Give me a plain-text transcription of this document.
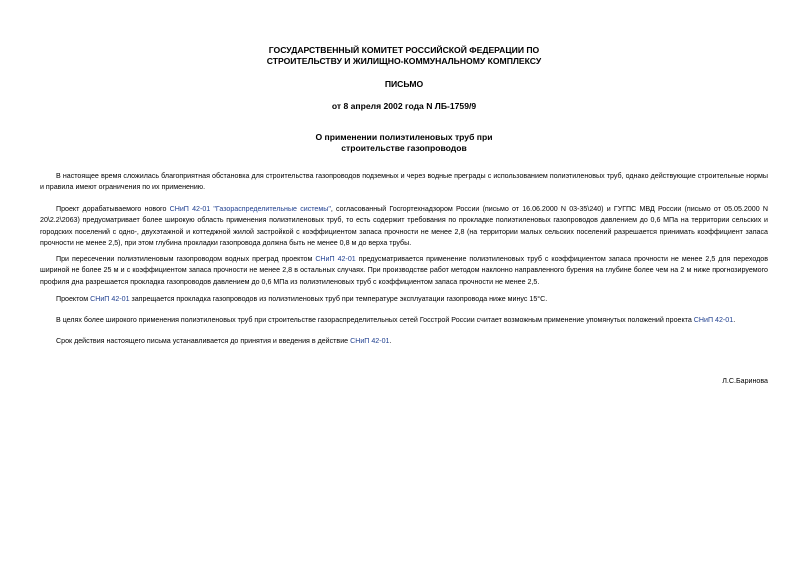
ГОСУДАРСТВЕННЫЙ КОМИТЕТ РОССИЙСКОЙ ФЕДЕРАЦИИ ПО
СТРОИТЕЛЬСТВУ И ЖИЛИЩНО-КОММУНАЛЬНОМУ КОМПЛЕКСУ
ПИСЬМО
от 8 апреля 2002 года N ЛБ-1759/9
О применении полиэтиленовых труб при
строительстве газопроводов
В настоящее время сложилась благоприятная обстановка для строительства газопроводов подземных и через водные преграды с использованием полиэтиленовых труб, однако действующие строительные нормы и правила имеют ограничения по их применению.
Проект дорабатываемого нового СНиП 42-01 "Газораспределительные системы", согласованный Госгортехнадзором России (письмо от 16.06.2000 N 03-35\240) и ГУГПС МВД России (письмо от 05.05.2000 N 20\2.2\2063) предусматривает более широкую область применения полиэтиленовых труб, то есть содержит требования по прокладке полиэтиленовых газопроводов давлением до 0,6 МПа на территории сельских и городских поселений с одно-, двухэтажной и коттеджной жилой застройкой с коэффициентом запаса прочности не менее 2,8 (на территории малых сельских поселений разрешается принимать коэффициент запаса прочности не менее 2,5), при этом глубина прокладки газопровода должна быть не менее 0,8 м до верха трубы.
При пересечении полиэтиленовым газопроводом водных преград проектом СНиП 42-01 предусматривается применение полиэтиленовых труб с коэффициентом запаса прочности не менее 2,5 для переходов шириной не более 25 м и с коэффициентом запаса прочности не менее 2,8 в остальных случаях. При производстве работ методом наклонно направленного бурения на глубине более чем на 2 м ниже прогнозируемого профиля дна разрешается прокладка газопроводов давлением до 0,6 МПа из полиэтиленовых труб с коэффициентом запаса прочности не менее 2,5.
Проектом СНиП 42-01 запрещается прокладка газопроводов из полиэтиленовых труб при температуре эксплуатации газопровода ниже минус 15°С.
В целях более широкого применения полиэтиленовых труб при строительстве газораспределительных сетей Госстрой России считает возможным применение упомянутых положений проекта СНиП 42-01.
Срок действия настоящего письма устанавливается до принятия и введения в действие СНиП 42-01.
Л.С.Баринова
